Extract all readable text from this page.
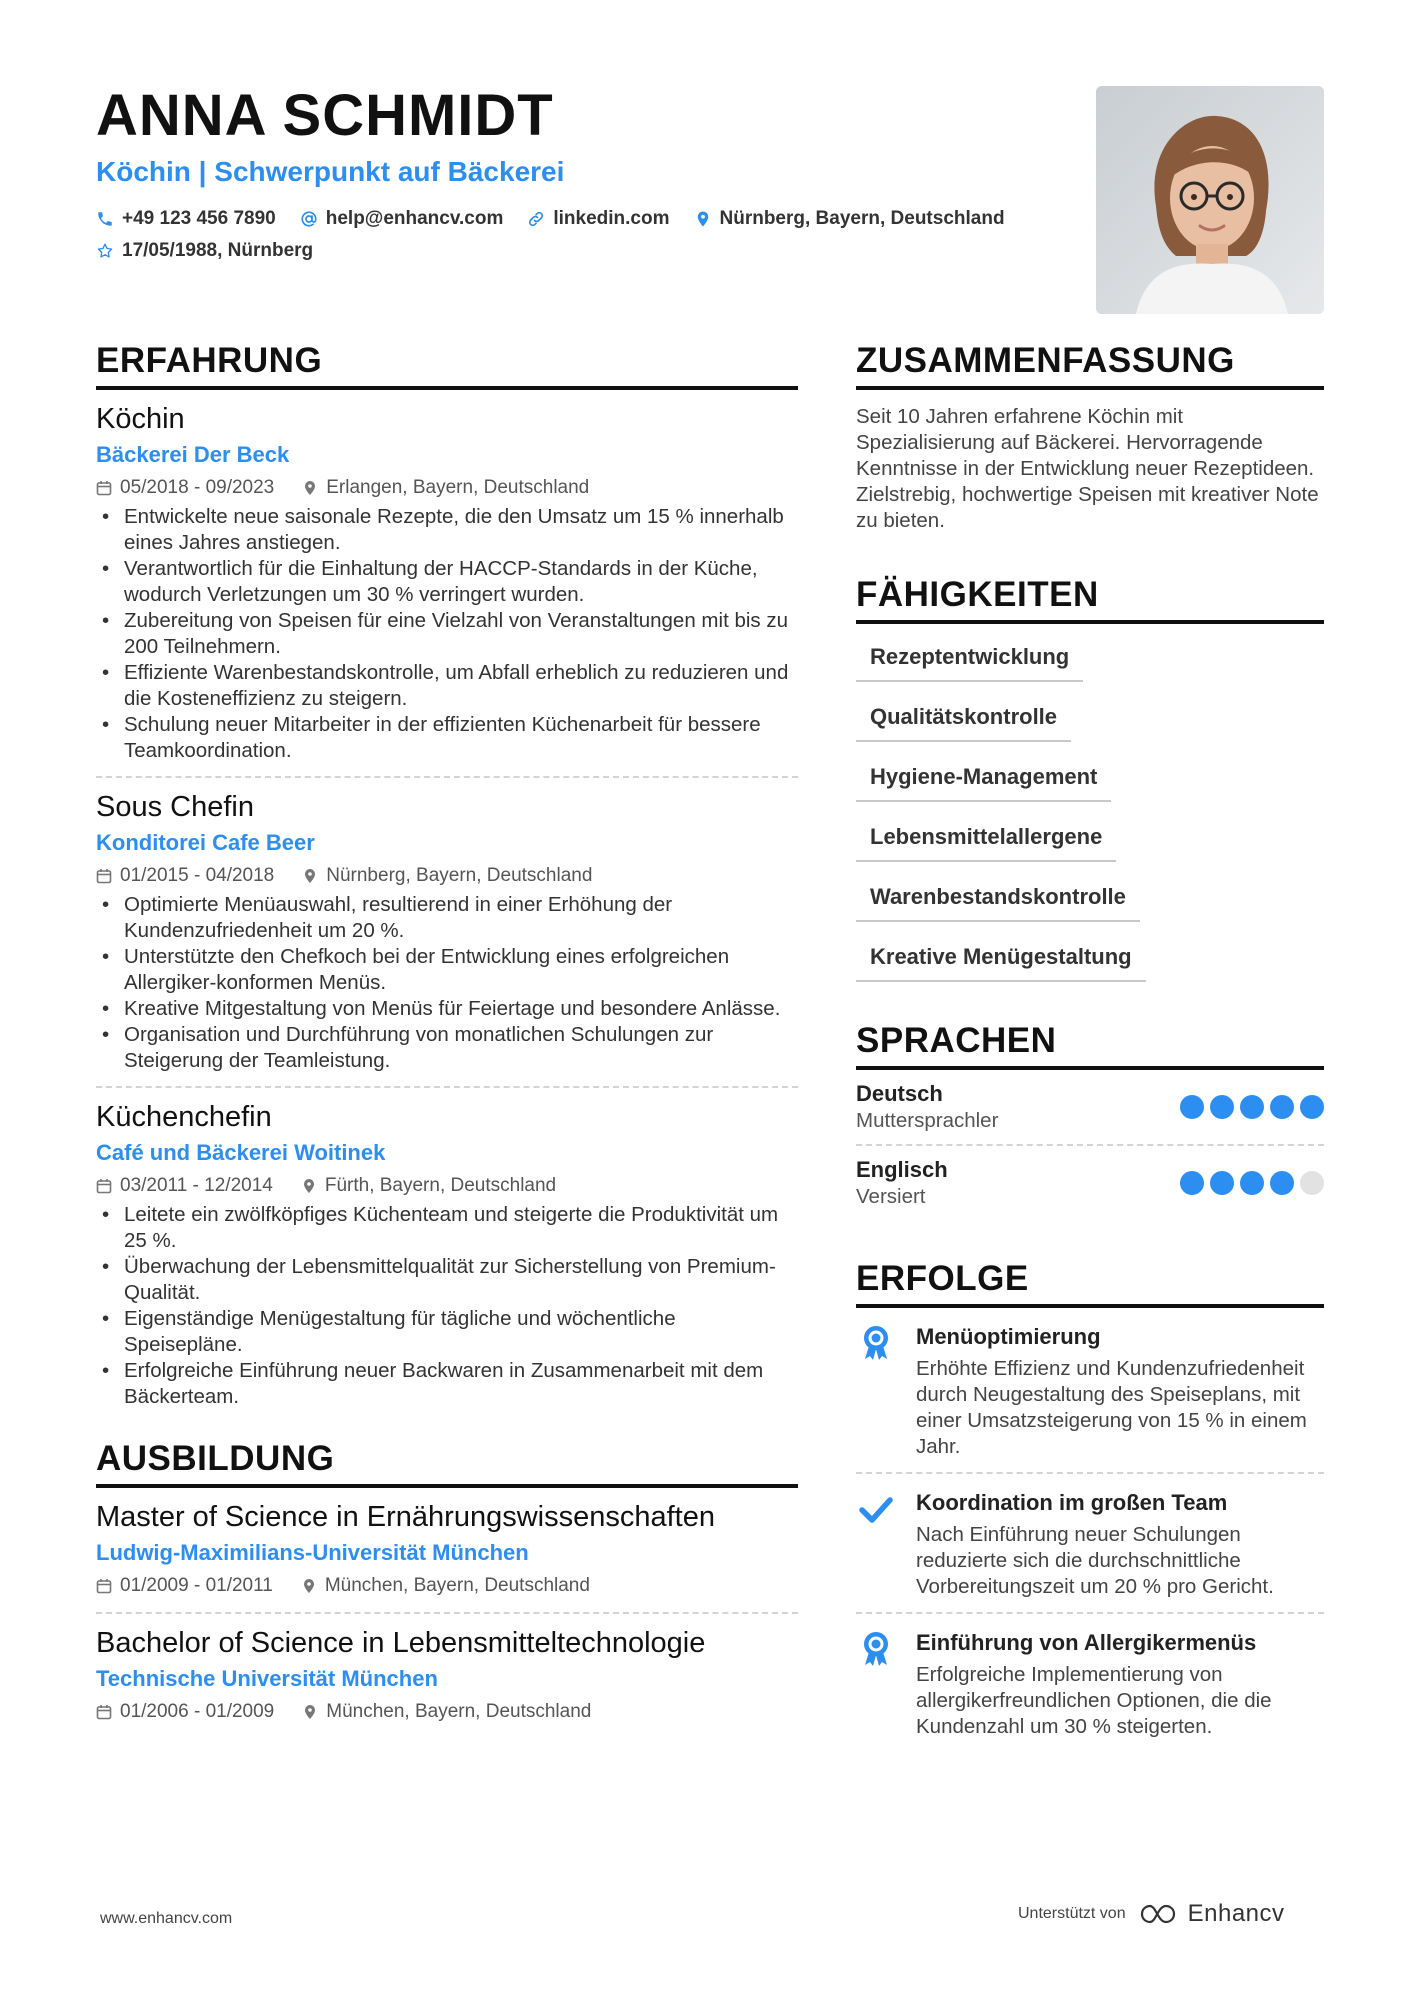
ANNA SCHMIDT
Köchin | Schwerpunkt auf Bäckerei
+49 123 456 7890	help@enhancv.com	linkedin.com	Nürnberg, Bayern, Deutschland
17/05/1988, Nürnberg
ERFAHRUNG
Köchin
Bäckerei Der Beck
05/2018 - 09/2023	Erlangen, Bayern, Deutschland
• Entwickelte neue saisonale Rezepte, die den Umsatz um 15 % innerhalb eines Jahres anstiegen.
• Verantwortlich für die Einhaltung der HACCP-Standards in der Küche, wodurch Verletzungen um 30 % verringert wurden.
• Zubereitung von Speisen für eine Vielzahl von Veranstaltungen mit bis zu 200 Teilnehmern.
• Effiziente Warenbestandskontrolle, um Abfall erheblich zu reduzieren und die Kosteneffizienz zu steigern.
• Schulung neuer Mitarbeiter in der effizienten Küchenarbeit für bessere Teamkoordination.
Sous Chefin
Konditorei Cafe Beer
01/2015 - 04/2018	Nürnberg, Bayern, Deutschland
• Optimierte Menüauswahl, resultierend in einer Erhöhung der Kundenzufriedenheit um 20 %.
• Unterstützte den Chefkoch bei der Entwicklung eines erfolgreichen Allergiker-konformen Menüs.
• Kreative Mitgestaltung von Menüs für Feiertage und besondere Anlässe.
• Organisation und Durchführung von monatlichen Schulungen zur Steigerung der Teamleistung.
Küchenchefin
Café und Bäckerei Woitinek
03/2011 - 12/2014	Fürth, Bayern, Deutschland
• Leitete ein zwölfköpfiges Küchenteam und steigerte die Produktivität um 25 %.
• Überwachung der Lebensmittelqualität zur Sicherstellung von Premium-Qualität.
• Eigenständige Menügestaltung für tägliche und wöchentliche Speisepläne.
• Erfolgreiche Einführung neuer Backwaren in Zusammenarbeit mit dem Bäckerteam.
AUSBILDUNG
Master of Science in Ernährungswissenschaften
Ludwig-Maximilians-Universität München
01/2009 - 01/2011	München, Bayern, Deutschland
Bachelor of Science in Lebensmitteltechnologie
Technische Universität München
01/2006 - 01/2009	München, Bayern, Deutschland
ZUSAMMENFASSUNG
Seit 10 Jahren erfahrene Köchin mit Spezialisierung auf Bäckerei. Hervorragende Kenntnisse in der Entwicklung neuer Rezeptideen. Zielstrebig, hochwertige Speisen mit kreativer Note zu bieten.
FÄHIGKEITEN
Rezeptentwicklung
Qualitätskontrolle
Hygiene-Management
Lebensmittelallergene
Warenbestandskontrolle
Kreative Menügestaltung
SPRACHEN
Deutsch
Muttersprachler
Englisch
Versiert
ERFOLGE
Menüoptimierung
Erhöhte Effizienz und Kundenzufriedenheit durch Neugestaltung des Speiseplans, mit einer Umsatzsteigerung von 15 % in einem Jahr.
Koordination im großen Team
Nach Einführung neuer Schulungen reduzierte sich die durchschnittliche Vorbereitungszeit um 20 % pro Gericht.
Einführung von Allergikermenüs
Erfolgreiche Implementierung von allergikerfreundlichen Optionen, die die Kundenzahl um 30 % steigerten.
www.enhancv.com	Unterstützt von	Enhancv
